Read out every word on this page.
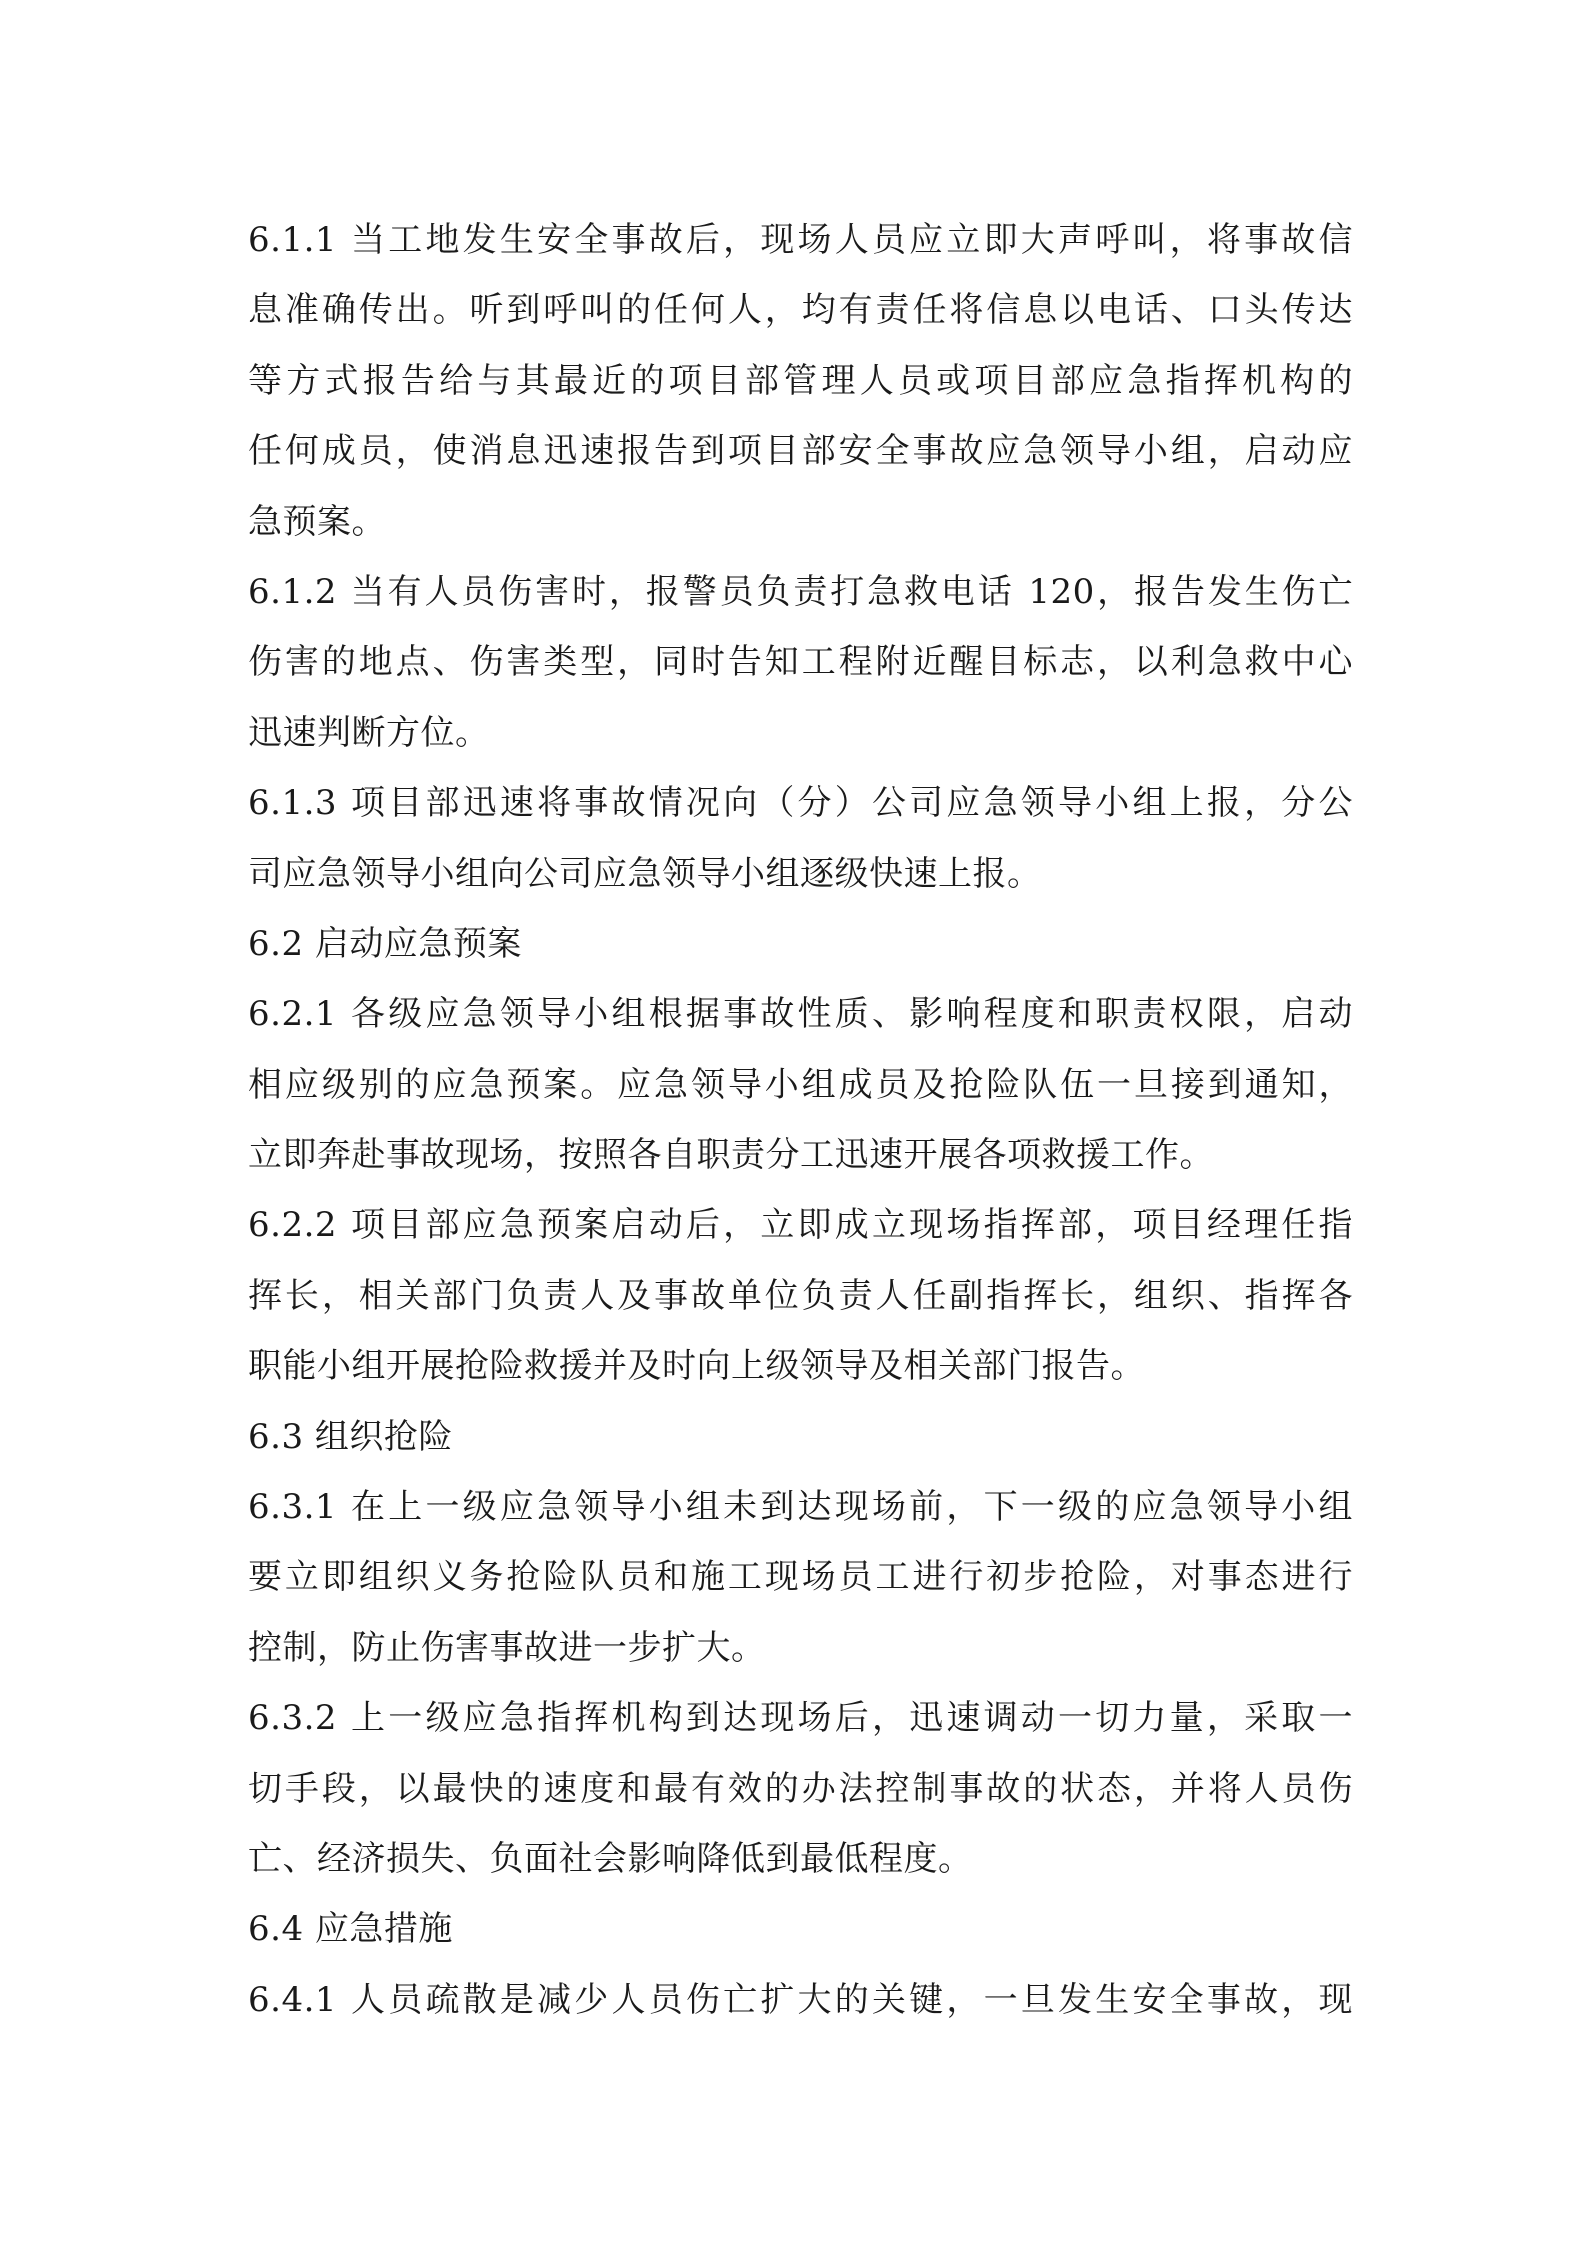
6.1.1 当工地发生安全事故后，现场人员应立即大声呼叫，将事故信
息准确传出。听到呼叫的任何人，均有责任将信息以电话、口头传达
等方式报告给与其最近的项目部管理人员或项目部应急指挥机构的
任何成员，使消息迅速报告到项目部安全事故应急领导小组，启动应
急预案。
6.1.2 当有人员伤害时，报警员负责打急救电话 120，报告发生伤亡
伤害的地点、伤害类型，同时告知工程附近醒目标志，以利急救中心
迅速判断方位。
6.1.3 项目部迅速将事故情况向（分）公司应急领导小组上报，分公
司应急领导小组向公司应急领导小组逐级快速上报。
6.2 启动应急预案
6.2.1 各级应急领导小组根据事故性质、影响程度和职责权限，启动
相应级别的应急预案。应急领导小组成员及抢险队伍一旦接到通知，
立即奔赴事故现场，按照各自职责分工迅速开展各项救援工作。
6.2.2 项目部应急预案启动后，立即成立现场指挥部，项目经理任指
挥长，相关部门负责人及事故单位负责人任副指挥长，组织、指挥各
职能小组开展抢险救援并及时向上级领导及相关部门报告。
6.3 组织抢险
6.3.1 在上一级应急领导小组未到达现场前，下一级的应急领导小组
要立即组织义务抢险队员和施工现场员工进行初步抢险，对事态进行
控制，防止伤害事故进一步扩大。
6.3.2 上一级应急指挥机构到达现场后，迅速调动一切力量，采取一
切手段，以最快的速度和最有效的办法控制事故的状态，并将人员伤
亡、经济损失、负面社会影响降低到最低程度。
6.4 应急措施
6.4.1 人员疏散是减少人员伤亡扩大的关键，一旦发生安全事故，现
